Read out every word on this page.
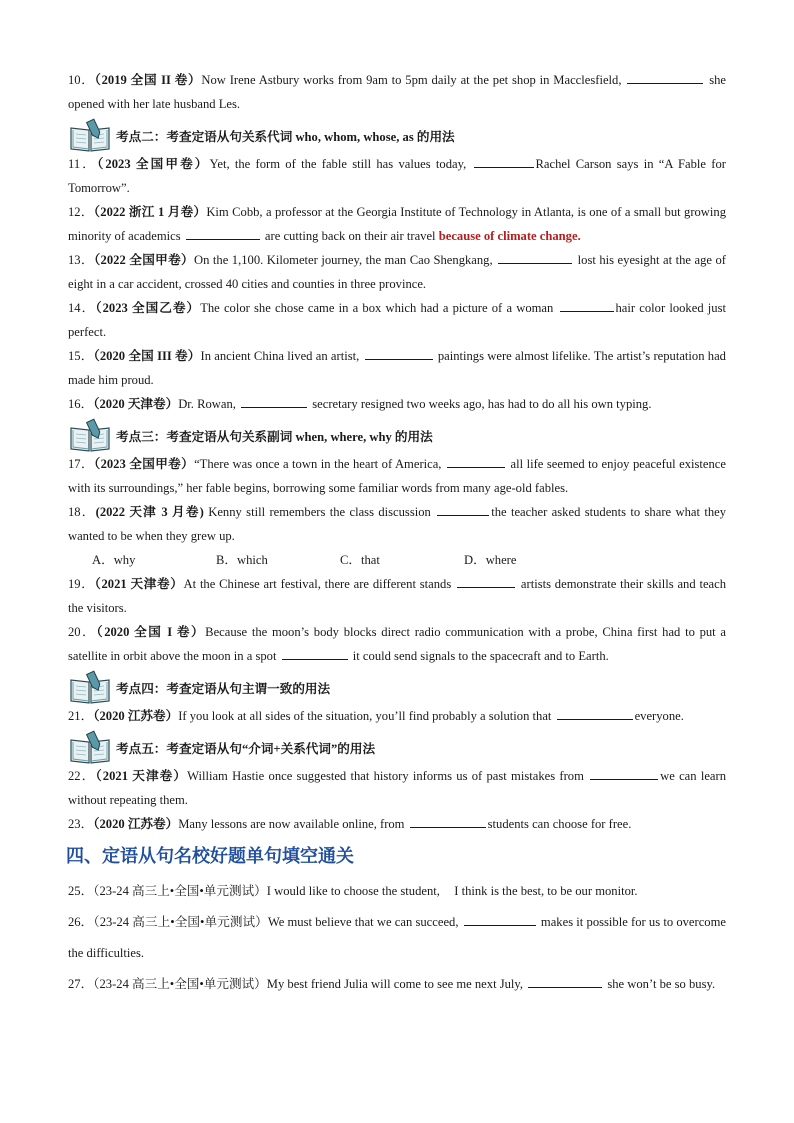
10．（2019 全国 II 卷）Now Irene Astbury works from 9am to 5pm daily at the pet shop in Macclesfield,	she opened with her late husband Les.

考点二：考查定语从句关系代词 who, whom, whose, as 的用法

11．（2023 全国甲卷）Yet, the form of the fable still has values today,	Rachel Carson says in “A Fable for Tomorrow”.

12．（2022 浙江 1 月卷）Kim Cobb, a professor at the Georgia Institute of Technology in Atlanta, is one of a small but growing minority of academics	are cutting back on their air travel because of climate change.

13．（2022 全国甲卷）On the 1,100. Kilometer journey, the man Cao Shengkang,	lost his eyesight at the age of eight in a car accident, crossed 40 cities and counties in three province.

14．（2023 全国乙卷）The color she chose came in a box which had a picture of a woman	hair color looked just perfect.

15．（2020 全国 III 卷）In ancient China lived an artist,	paintings were almost lifelike. The artist’s reputation had made him proud.

16．（2020 天津卷）Dr. Rowan,	secretary resigned two weeks ago, has had to do all his own typing.

考点三：考查定语从句关系副词 when, where, why 的用法

17．（2023 全国甲卷）“There was once a town in the heart of America,	all life seemed to enjoy peaceful existence with its surroundings,” her fable begins, borrowing some familiar words from many age-old fables.

18．(2022 天津 3 月卷) Kenny still remembers the class discussion	the teacher asked students to share what they wanted to be when they grew up.

A．why	B．which	C．that	D．where

19．（2021 天津卷）At the Chinese art festival, there are different stands	artists demonstrate their skills and teach the visitors.

20．（2020 全国 I 卷）Because the moon’s body blocks direct radio communication with a probe, China first had to put a satellite in orbit above the moon in a spot	it could send signals to the spacecraft and to Earth.

考点四：考查定语从句主谓一致的用法

21．（2020 江苏卷）If you look at all sides of the situation, you’ll find probably a solution that	everyone.

考点五：考查定语从句“介词+关系代词”的用法

22．（2021 天津卷）William Hastie once suggested that history informs us of past mistakes from	we can learn without repeating them.

23．（2020 江苏卷）Many lessons are now available online, from	students can choose for free.

四、定语从句名校好题单句填空通关

25．（23-24 高三上•全国•单元测试）I would like to choose the student, I think is the best, to be our monitor.

26．（23-24 高三上•全国•单元测试）We must believe that we can succeed,	makes it possible for us to overcome the difficulties.

27．（23-24 高三上•全国•单元测试）My best friend Julia will come to see me next July,	she won’t be so busy.
